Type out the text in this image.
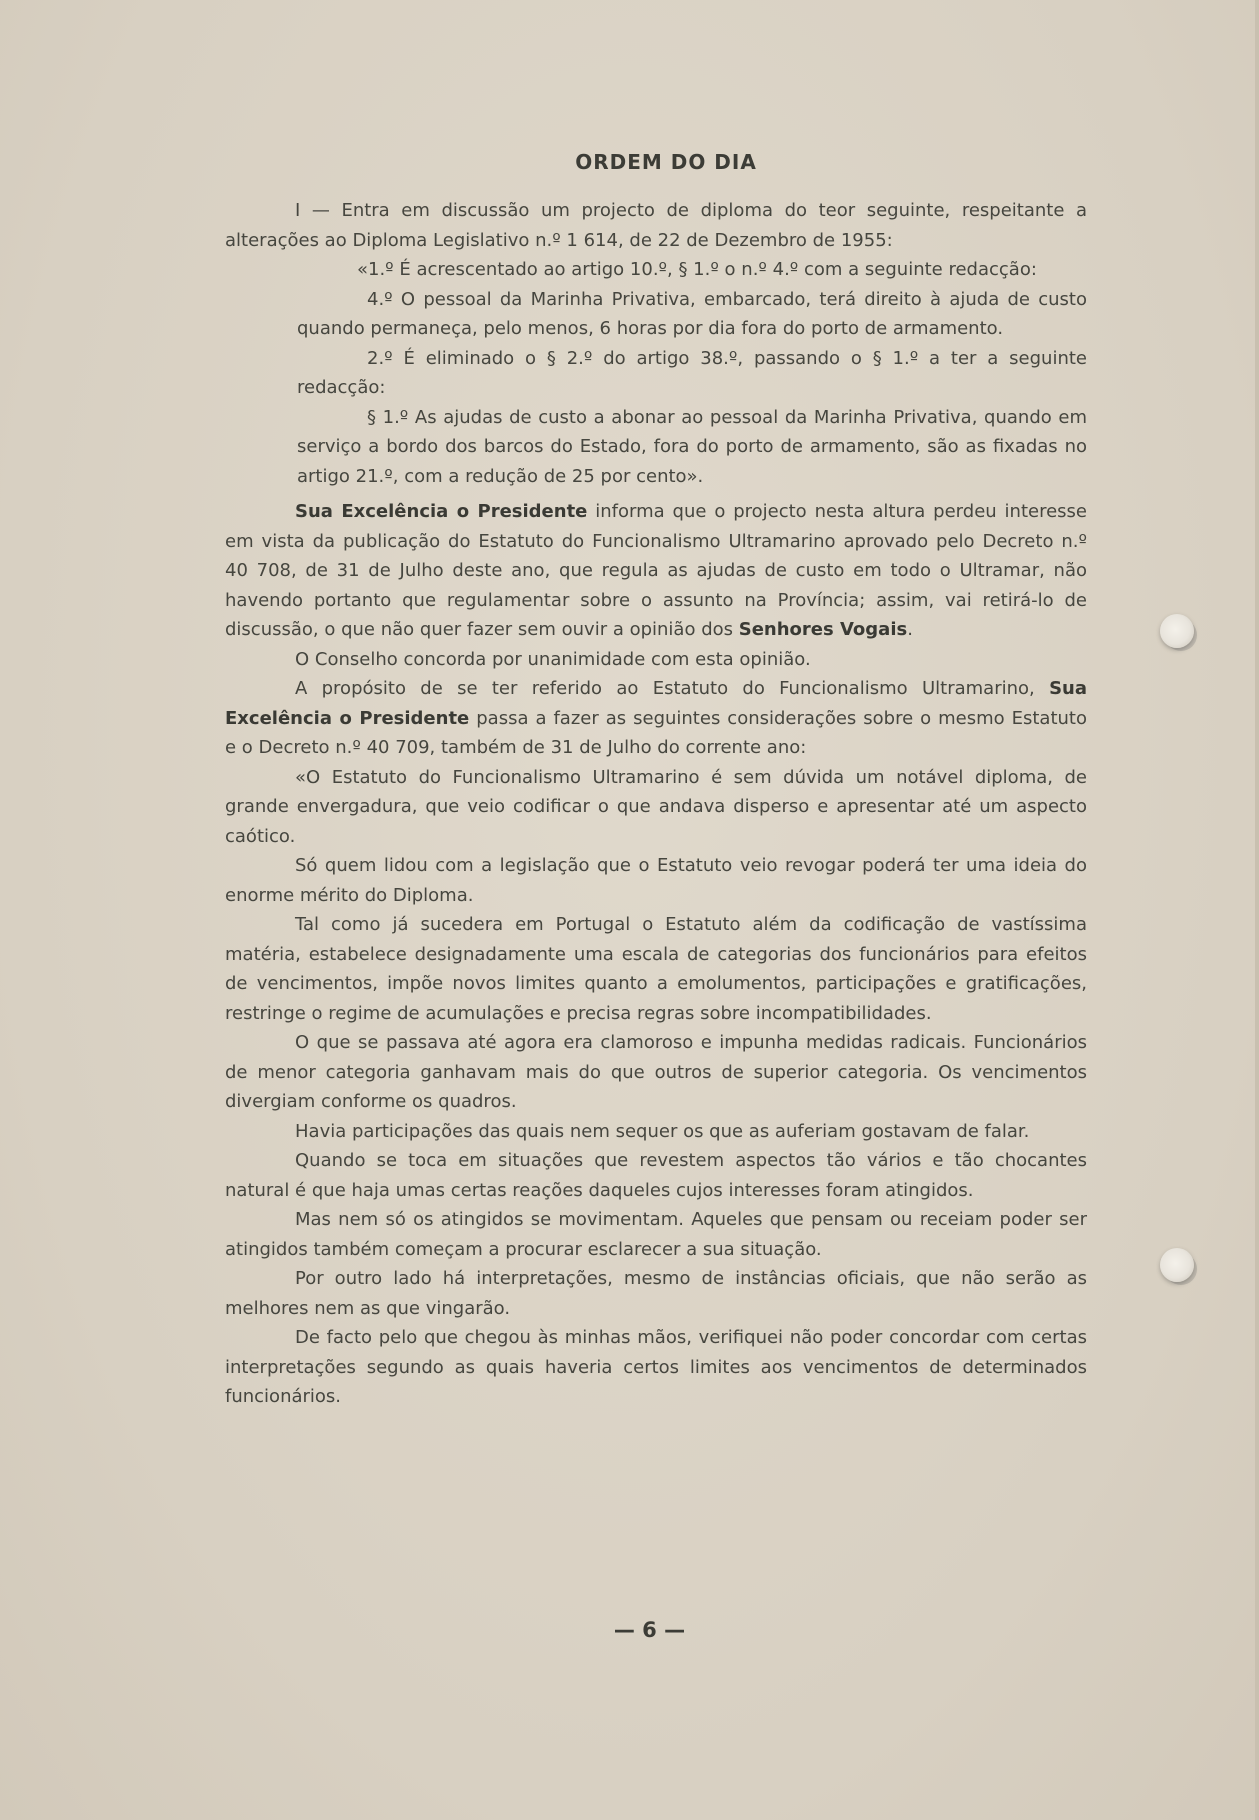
ORDEM DO DIA

I — Entra em discussão um projecto de diploma do teor seguinte, respeitante a alterações ao Diploma Legislativo n.º 1 614, de 22 de Dezembro de 1955:

«1.º É acrescentado ao artigo 10.º, § 1.º o n.º 4.º com a seguinte redacção:

4.º O pessoal da Marinha Privativa, embarcado, terá direito à ajuda de custo quando permaneça, pelo menos, 6 horas por dia fora do porto de armamento.

2.º É eliminado o § 2.º do artigo 38.º, passando o § 1.º a ter a seguinte redacção:

§ 1.º As ajudas de custo a abonar ao pessoal da Marinha Privativa, quando em serviço a bordo dos barcos do Estado, fora do porto de armamento, são as fixadas no artigo 21.º, com a redução de 25 por cento».

Sua Excelência o Presidente informa que o projecto nesta altura perdeu interesse em vista da publicação do Estatuto do Funcionalismo Ultramarino aprovado pelo Decreto n.º 40 708, de 31 de Julho deste ano, que regula as ajudas de custo em todo o Ultramar, não havendo portanto que regulamentar sobre o assunto na Província; assim, vai retirá-lo de discussão, o que não quer fazer sem ouvir a opinião dos Senhores Vogais.

O Conselho concorda por unanimidade com esta opinião.

A propósito de se ter referido ao Estatuto do Funcionalismo Ultramarino, Sua Excelência o Presidente passa a fazer as seguintes considerações sobre o mesmo Estatuto e o Decreto n.º 40 709, também de 31 de Julho do corrente ano:

«O Estatuto do Funcionalismo Ultramarino é sem dúvida um notável diploma, de grande envergadura, que veio codificar o que andava disperso e apresentar até um aspecto caótico.

Só quem lidou com a legislação que o Estatuto veio revogar poderá ter uma ideia do enorme mérito do Diploma.

Tal como já sucedera em Portugal o Estatuto além da codificação de vastíssima matéria, estabelece designadamente uma escala de categorias dos funcionários para efeitos de vencimentos, impõe novos limites quanto a emolumentos, participações e gratificações, restringe o regime de acumulações e precisa regras sobre incompatibilidades.

O que se passava até agora era clamoroso e impunha medidas radicais. Funcionários de menor categoria ganhavam mais do que outros de superior categoria. Os vencimentos divergiam conforme os quadros.

Havia participações das quais nem sequer os que as auferiam gostavam de falar.

Quando se toca em situações que revestem aspectos tão vários e tão chocantes natural é que haja umas certas reações daqueles cujos interesses foram atingidos.

Mas nem só os atingidos se movimentam. Aqueles que pensam ou receiam poder ser atingidos também começam a procurar esclarecer a sua situação.

Por outro lado há interpretações, mesmo de instâncias oficiais, que não serão as melhores nem as que vingarão.

De facto pelo que chegou às minhas mãos, verifiquei não poder concordar com certas interpretações segundo as quais haveria certos limites aos vencimentos de determinados funcionários.

— 6 —
